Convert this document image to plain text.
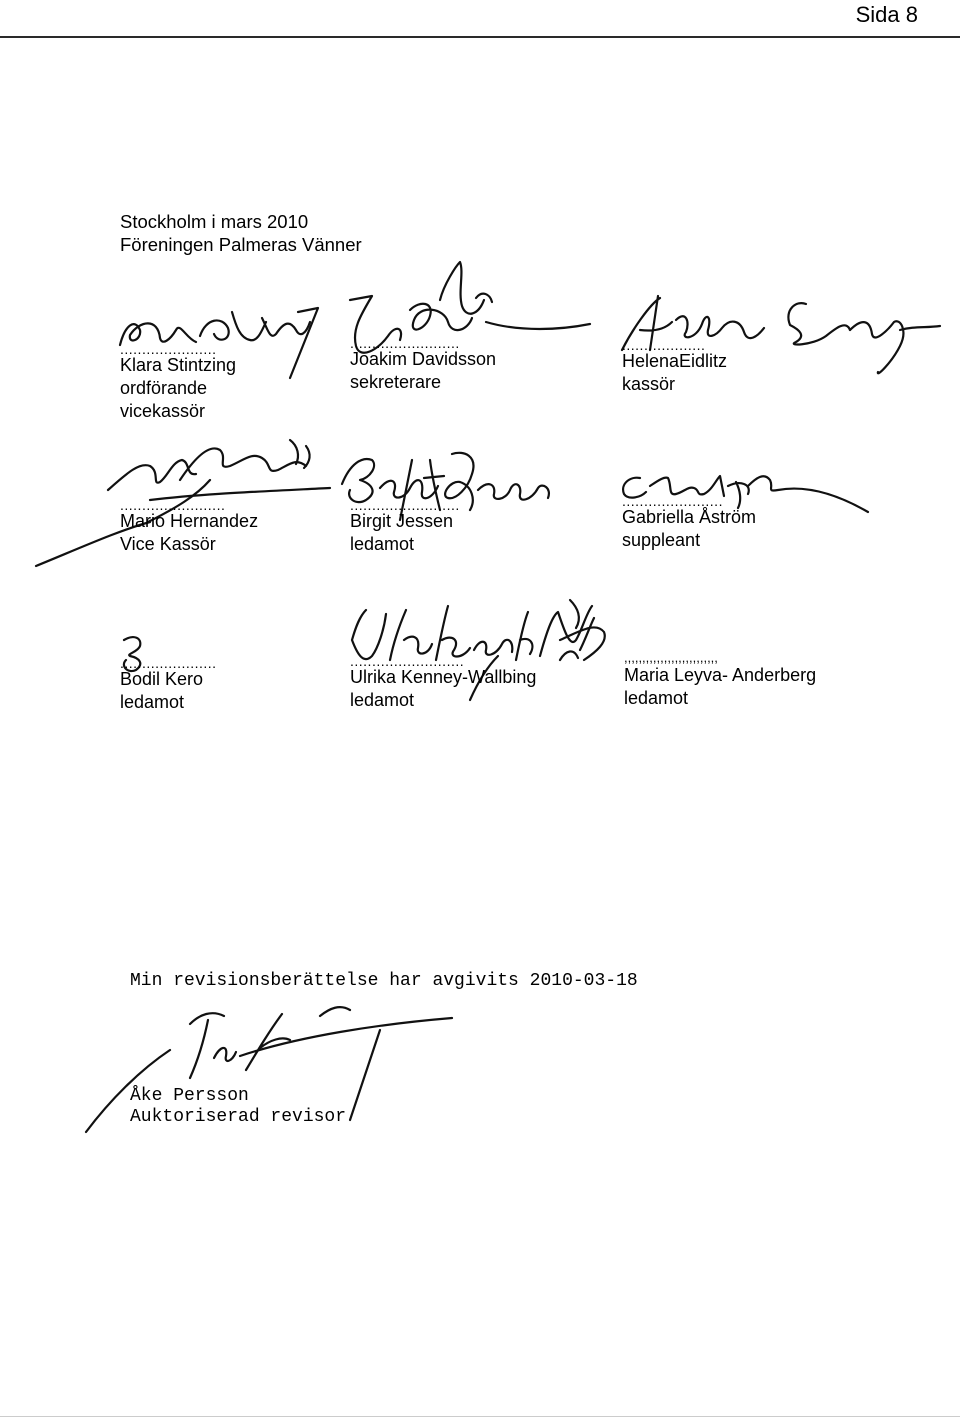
Sida 8
Stockholm i mars 2010
Föreningen Palmeras Vänner
......................
Klara Stintzing
ordförande
vicekassör
.........................
Joakim Davidsson
sekreterare
...................
HelenaEidlitz
kassör
........................
Mario Hernandez
Vice Kassör
.........................
Birgit Jessen
ledamot
.......................
Gabriella Åström
suppleant
......................
Bodil Kero
ledamot
..........................
Ulrika Kenney-Wallbing
ledamot
,,,,,,,,,,,,,,,,,,,,,,,,,,
Maria Leyva- Anderberg
ledamot
Min revisionsberättelse har avgivits 2010-03-18
Åke Persson
Auktoriserad revisor
